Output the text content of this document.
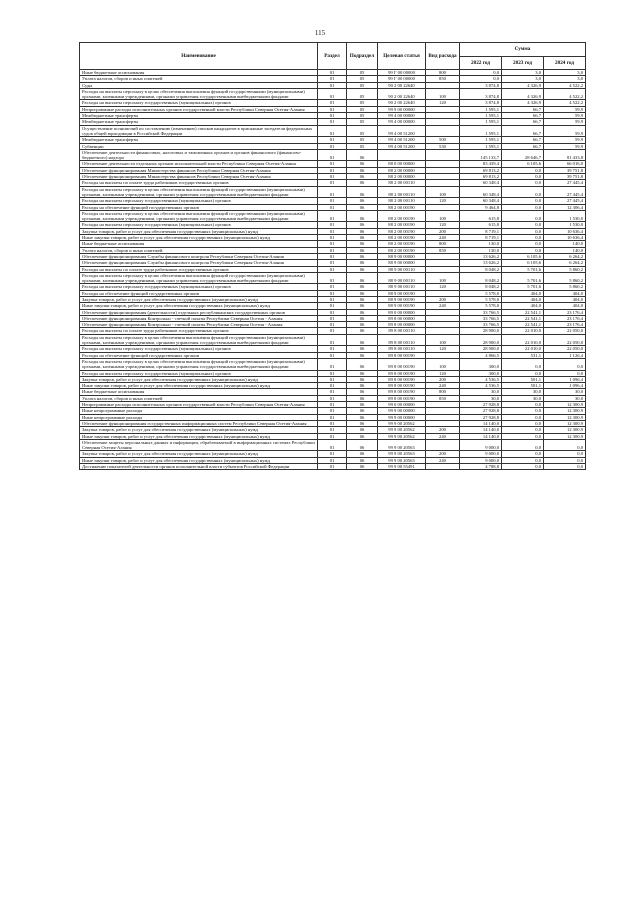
115
Наименование	Раздел	Подраздел	Целевая статья	Вид расхода	Сумма		
					2022 год	2023 год	2024 год
Иные бюджетные ассигнования	01	05	99 Г 00 00000	800	0,0	3,0	3,0
Уплата налогов, сборов и иных платежей	01	05	99 Г 00 00000	850	0,0	3,0	3,0
Суды	01	05	90 2 00 22640		3 874,8	4 326,9	4 522,2
Расходы на выплаты персоналу в целях обеспечения выполнения функций государственными (муниципальными) органами, казенными учреждениями, органами управления государственными внебюджетными фондами	01	05	90 2 00 22640	100	3 874,8	4 326,9	4 522,2
Расходы на выплаты персоналу государственных (муниципальных) органов	01	05	90 2 00 22640	120	3 874,8	4 326,9	4 522,2
Непрограммные расходы исполнительных органов государственной власти Республики Северная Осетия-Алания	01	05	99 9 00 00000		1 595,1	66,7	59,9
Межбюджетные трансферты	01	05	99 4 00 00000		1 595,1	66,7	59,9
Межбюджетные трансферты	01	05	99 4 00 00000		1 595,1	66,7	59,9
Осуществление полномочий по составлению (изменению) списков кандидатов в присяжные заседатели федеральных судов общей юрисдикции в Российской Федерации	01	05	99 4 00 51200		1 595,1	66,7	59,9
Межбюджетные трансферты	01	05	99 4 00 51200	500	1 595,1	66,7	59,9
Субвенции	01	05	99 4 00 51200	530	1 595,1	66,7	59,9
Обеспечение деятельности финансовых, налоговых и таможенных органов и органов финансового (финансово-бюджетного) надзора	01	06			145 133,7	28 646,7	81 433,8
Обеспечение деятельности отдельных органов исполнительной власти Республики Северная Осетия-Алания	01	06	88 0 00 00000		83 439,4	6 105,6	66 016,0
Обеспечение функционирования Министерства финансов Республики Северная Осетия-Алания	01	06	88 2 00 00000		69 813,2	0,0	39 751,8
Обеспечение функционирования Министерства финансов Республики Северная Осетия-Алания	01	06	88 2 00 00000		69 813,2	0,0	39 751,8
Расходы на выплаты по оплате труда работников государственных органов	01	06	88 2 00 00110		60 348,4	0,0	27 445,4
Расходы на выплаты персоналу в целях обеспечения выполнения функций государственными (муниципальными) органами, казенными учреждениями, органами управления государственными внебюджетными фондами	01	06	88 2 00 00110	100	60 348,4	0,0	27 445,4
Расходы на выплаты персоналу государственных (муниципальных) органов	01	06	88 2 00 00110	120	60 348,4	0,0	27 445,4
Расходы на обеспечение функций государственных органов	01	06	88 2 00 00190		9 464,8	0,0	12 306,4
Расходы на выплаты персоналу в целях обеспечения выполнения функций государственными (муниципальными) органами, казенными учреждениями, органами управления государственными внебюджетными фондами	01	06	88 2 00 00190	100	615,8	0,0	1 530,0
Расходы на выплаты персоналу государственных (муниципальных) органов	01	06	88 2 00 00190	120	615,8	0,0	1 530,0
Закупка товаров, работ и услуг для обеспечения государственных (муниципальных) нужд	01	06	88 2 00 00190	200	8 719,1	0,0	10 636,4
Иные закупки товаров, работ и услуг для обеспечения государственных (муниципальных) нужд	01	06	88 2 00 00190	240	8 719,1	0,0	10 636,4
Иные бюджетные ассигнования	01	06	88 2 00 00190	800	130,0	0,0	140,0
Уплата налогов, сборов и иных платежей	01	06	88 2 00 00190	850	130,0	0,0	140,0
Обеспечение функционирования Службы финансового контроля Республики Северная Осетия-Алания	01	06	88 9 00 00000		13 626,2	6 105,6	6 264,2
Обеспечение функционирования Службы финансового контроля Республики Северная Осетия-Алания	01	06	88 9 00 00000		13 626,2	6 105,6	6 264,2
Расходы на выплаты по оплате труда работников государственных органов	01	06	88 9 00 00110		8 048,2	5 701,6	5 860,2
Расходы на выплаты персоналу в целях обеспечения выполнения функций государственными (муниципальными) органами, казенными учреждениями, органами управления государственными внебюджетными фондами	01	06	88 9 00 00110	100	8 048,2	5 701,6	5 860,2
Расходы на выплаты персоналу государственных (муниципальных) органов	01	06	88 9 00 00110	120	8 048,2	5 701,6	5 860,2
Расходы на обеспечение функций государственных органов	01	06	88 9 00 00190		5 578,0	404,0	404,0
Закупка товаров, работ и услуг для обеспечения государственных (муниципальных) нужд	01	06	88 9 00 00190	200	5 578,0	404,0	404,0
Иные закупки товаров, работ и услуг для обеспечения государственных (муниципальных) нужд	01	06	88 9 00 00190	240	5 578,0	404,0	404,0
Обеспечение функционирования (деятельности) отдельных республиканских государственных органов	01	06	89 0 00 00000		33 766,5	22 541,1	23 176,4
Обеспечение функционирования Контрольно - счетной палаты Республики Северная Осетия - Алания	01	06	89 8 00 00000		33 766,5	22 541,1	23 176,4
Обеспечение функционирования Контрольно - счетной палаты Республики Северная Осетия - Алания	01	06	89 8 00 00000		33 766,5	22 541,1	23 176,4
Расходы на выплаты по оплате труда работников государственных органов	01	06	89 8 00 00110		28 900,0	22 010,0	22 050,0
Расходы на выплаты персоналу в целях обеспечения выполнения функций государственными (муниципальными) органами, казенными учреждениями, органами управления государственными внебюджетными фондами	01	06	89 8 00 00110	100	28 900,0	22 010,0	22 050,0
Расходы на выплаты персоналу государственных (муниципальных) органов	01	06	89 8 00 00110	120	28 900,0	22 010,0	22 050,0
Расходы на обеспечение функций государственных органов	01	06	89 8 00 00190		4 866,5	531,1	1 126,4
Расходы на выплаты персоналу в целях обеспечения выполнения функций государственными (муниципальными) органами, казенными учреждениями, органами управления государственными внебюджетными фондами	01	06	89 8 00 00190	100	300,0	0,0	0,0
Расходы на выплаты персоналу государственных (муниципальных) органов	01	06	89 8 00 00190	120	300,0	0,0	0,0
Закупка товаров, работ и услуг для обеспечения государственных (муниципальных) нужд	01	06	89 8 00 00190	200	4 536,5	501,1	1 096,4
Иные закупки товаров, работ и услуг для обеспечения государственных (муниципальных) нужд	01	06	89 8 00 00190	240	4 536,5	501,1	1 096,4
Иные бюджетные ассигнования	01	06	89 8 00 00190	800	30,0	30,0	30,0
Уплата налогов, сборов и иных платежей	01	06	89 8 00 00190	850	30,0	30,0	30,0
Непрограммные расходы исполнительных органов государственной власти Республики Северная Осетия-Алания	01	06	99 0 00 00000		27 928,8	0,0	12 300,9
Иные непрограммные расходы	01	06	99 9 00 00000		27 928,8	0,0	12 300,9
Иные непрограммные расходы	01	06	99 9 00 00000		27 928,8	0,0	12 300,9
Обеспечение функционирования государственных информационных систем Республики Северная Осетия-Алания	01	06	99 9 00 20562		14 140,0	0,0	12 300,9
Закупка товаров, работ и услуг для обеспечения государственных (муниципальных) нужд	01	06	99 9 00 20562	200	14 140,0	0,0	12 300,9
Иные закупки товаров, работ и услуг для обеспечения государственных (муниципальных) нужд	01	06	99 9 00 20562	240	14 140,0	0,0	12 300,9
Обеспечение защиты персональных данных и информации, обрабатываемой в информационных системах Республики Северная Осетия-Алания	01	06	99 9 00 20563		9 000,0	0,0	0,0
Закупка товаров, работ и услуг для обеспечения государственных (муниципальных) нужд	01	06	99 9 00 20563	200	9 000,0	0,0	0,0
Иные закупки товаров, работ и услуг для обеспечения государственных (муниципальных) нужд	01	06	99 9 00 20563	240	9 000,0	0,0	0,0
Достижение показателей деятельности органов исполнительной власти субъектов Российской Федерации	01	06	99 9 00 55491		4 788,8	0,0	0,0
